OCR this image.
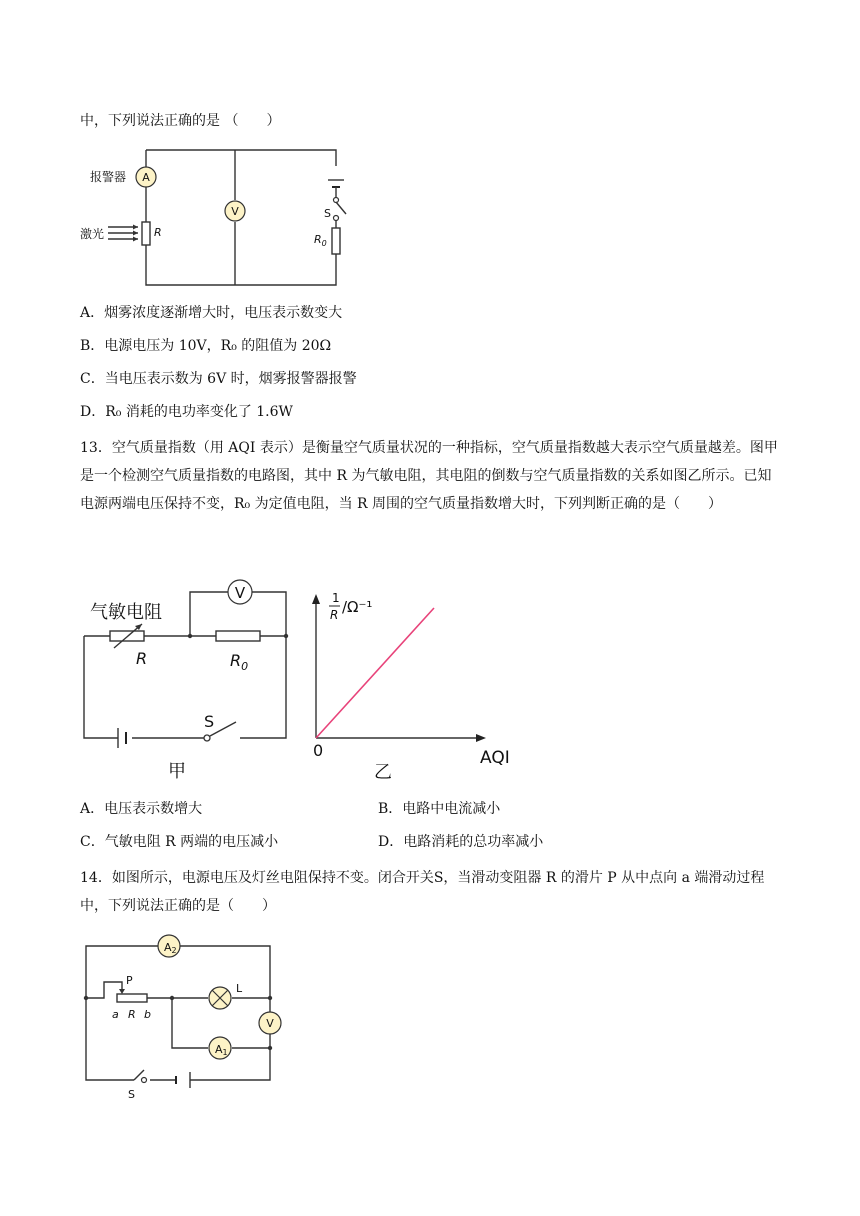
中，下列说法正确的是 （　　）
A
V
R
报警器
激光
S
$R_0$
A．烟雾浓度逐渐增大时，电压表示数变大
B．电源电压为 10V，R₀ 的阻值为 20Ω
C．当电压表示数为 6V 时，烟雾报警器报警
D．R₀ 消耗的电功率变化了 1.6W
13．空气质量指数（用 AQI 表示）是衡量空气质量状况的一种指标，空气质量指数越大表示空气质量越差。图甲是一个检测空气质量指数的电路图，其中 R 为气敏电阻，其电阻的倒数与空气质量指数的关系如图乙所示。已知电源两端电压保持不变，R₀ 为定值电阻，当 R 周围的空气质量指数增大时，下列判断正确的是（　　）
V
气敏电阻
R	$R_0$
S
甲
1
R /Ω⁻¹
0	AQI
乙
A．电压表示数增大	B．电路中电流减小
C．气敏电阻 R 两端的电压减小	D．电路消耗的总功率减小
14．如图所示，电源电压及灯丝电阻保持不变。闭合开关S，当滑动变阻器 R 的滑片 P 从中点向 a 端滑动过程中，下列说法正确的是（　　）
A2
A1
V
L
P
a R b
S
